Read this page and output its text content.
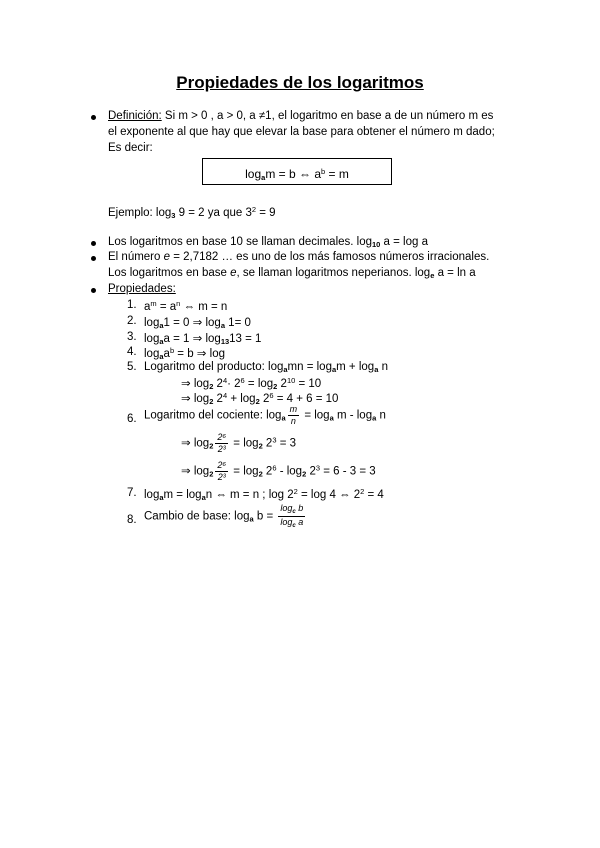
Propiedades de los logaritmos
Definición: Si m > 0 , a > 0, a ≠1, el logaritmo en base a de un número m es
el exponente al que hay que elevar la base para obtener el número m dado;
Es decir:
$\log_am = b$ ⇔ $a^b = m$
Ejemplo: $\log_3 9 = 2$ ya que $3^2 = 9$
Los logaritmos en base 10 se llaman decimales. $\log_{10} a = \log a$
El número e = 2,7182 … es uno de los más famosos números irracionales.
Los logaritmos en base e, se llaman logaritmos neperianos. $\log_e a = \ln a$
Propiedades:
1. $a^m = a^n$ ⇔ m = n
2. $\log_a1 = 0$ ⇒ $\log_a 1= 0$
3. $\log_aa = 1$ ⇒ $\log_{13}13 = 1$
4. $\log_aa^b = b$ ⇒ log
5. Logaritmo del producto: $\log_amn = \log_am + \log_a n$
⇒ $\log_2 2^4\cdot 2^6 = \log_2 2^{10} = 10$
⇒ $\log_2 2^4 + \log_2 2^6 = 4 + 6 = 10$
6. Logaritmo del cociente: $\log_a \frac{m}{n} = \log_a m - \log_a n$
⇒ $\log_2 \frac{\text{2⁶}}{\text{2³}} = \log_2 2^3 = 3$
⇒ $\log_2 \frac{\text{2⁶}}{\text{2³}} = \log_2 2^6 - \log_2 2^3 = 6 - 3 = 3$
7. $\log_am = \log_an$ ⇔ m = n ; $\log 2^2 = \log 4$ ⇔ $2^2 = 4$
8. Cambio de base: $\log_a b = \frac{\log_c b}{\log_c a}$
